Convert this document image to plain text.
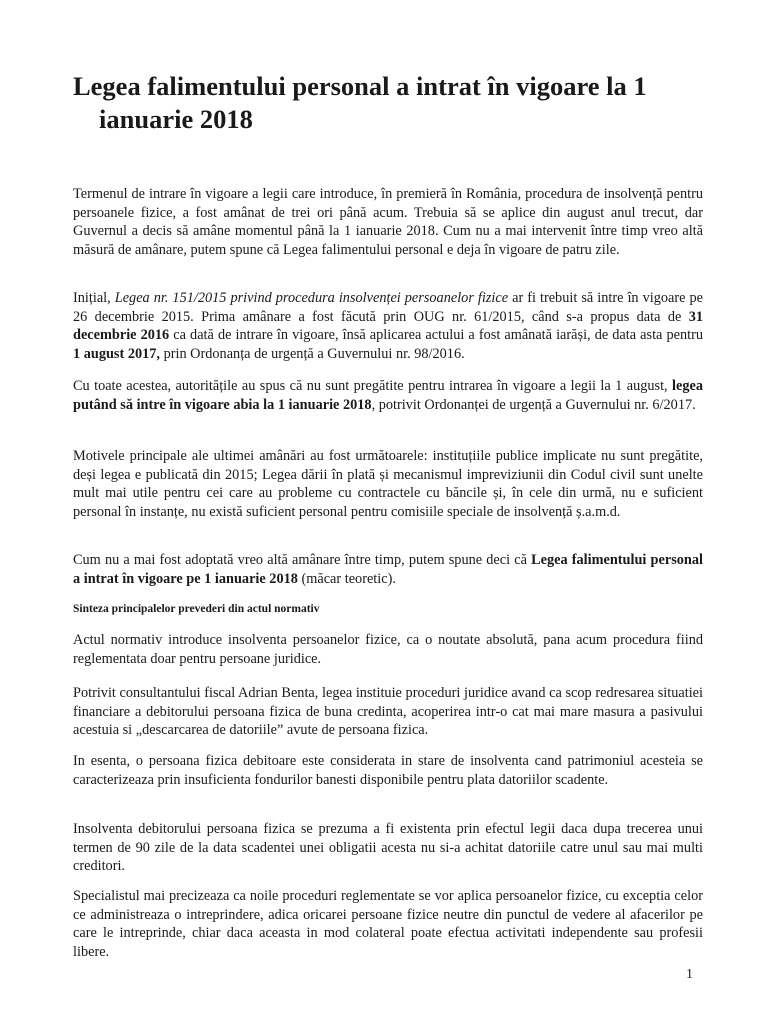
Legea falimentului personal a intrat în vigoare la 1 ianuarie 2018

Termenul de intrare în vigoare a legii care introduce, în premieră în România, procedura de insolvență pentru persoanele fizice, a fost amânat de trei ori până acum. Trebuia să se aplice din august anul trecut, dar Guvernul a decis să amâne momentul până la 1 ianuarie 2018. Cum nu a mai intervenit între timp vreo altă măsură de amânare, putem spune că Legea falimentului personal e deja în vigoare de patru zile.

Inițial, Legea nr. 151/2015 privind procedura insolvenței persoanelor fizice ar fi trebuit să intre în vigoare pe 26 decembrie 2015. Prima amânare a fost făcută prin OUG nr. 61/2015, când s-a propus data de 31 decembrie 2016 ca dată de intrare în vigoare, însă aplicarea actului a fost amânată iarăși, de data asta pentru 1 august 2017, prin Ordonanța de urgență a Guvernului nr. 98/2016.

Cu toate acestea, autoritățile au spus că nu sunt pregătite pentru intrarea în vigoare a legii la 1 august, legea putând să intre în vigoare abia la 1 ianuarie 2018, potrivit Ordonanței de urgență a Guvernului nr. 6/2017.

Motivele principale ale ultimei amânări au fost următoarele: instituțiile publice implicate nu sunt pregătite, deși legea e publicată din 2015; Legea dării în plată și mecanismul impreviziunii din Codul civil sunt unelte mult mai utile pentru cei care au probleme cu contractele cu băncile și, în cele din urmă, nu e suficient personal în instanțe, nu există suficient personal pentru comisiile speciale de insolvență ș.a.m.d.

Cum nu a mai fost adoptată vreo altă amânare între timp, putem spune deci că Legea falimentului personal a intrat în vigoare pe 1 ianuarie 2018 (măcar teoretic).

Sinteza principalelor prevederi din actul normativ

Actul normativ introduce insolventa persoanelor fizice, ca o noutate absolută, pana acum procedura fiind reglementata doar pentru persoane juridice.

Potrivit consultantului fiscal Adrian Benta, legea instituie proceduri juridice avand ca scop redresarea situatiei financiare a debitorului persoana fizica de buna credinta, acoperirea intr-o cat mai mare masura a pasivului acestuia si „descarcarea de datoriile” avute de persoana fizica.

In esenta, o persoana fizica debitoare este considerata in stare de insolventa cand patrimoniul acesteia se caracterizeaza prin insuficienta fondurilor banesti disponibile pentru plata datoriilor scadente.

Insolventa debitorului persoana fizica se prezuma a fi existenta prin efectul legii daca dupa trecerea unui termen de 90 zile de la data scadentei unei obligatii acesta nu si-a achitat datoriile catre unul sau mai multi creditori.

Specialistul mai precizeaza ca noile proceduri reglementate se vor aplica persoanelor fizice, cu exceptia celor ce administreaza o intreprindere, adica oricarei persoane fizice neutre din punctul de vedere al afacerilor pe care le intreprinde, chiar daca aceasta in mod colateral poate efectua activitati independente sau profesii libere.

1
